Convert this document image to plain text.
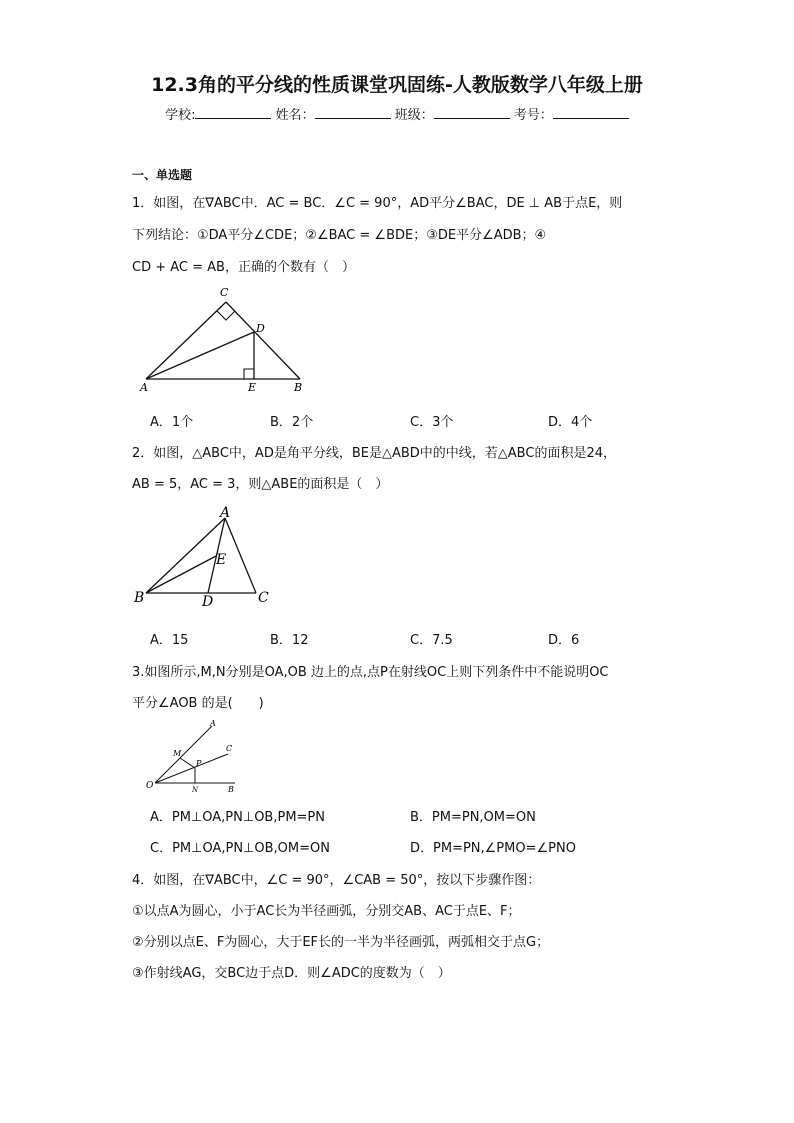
12.3角的平分线的性质课堂巩固练-人教版数学八年级上册
学校:	姓名：	班级：	考号：
一、单选题
1．如图，在∇ABC中．AC = BC．∠C = 90°，AD平分∠BAC，DE ⊥ AB于点E，则
下列结论：①DA平分∠CDE；②∠BAC = ∠BDE；③DE平分∠ADB；④
CD + AC = AB，正确的个数有（　）
C
D
A	E	B
A．1个	B．2个	C．3个	D．4个
2．如图，△ABC中，AD是角平分线，BE是△ABD中的中线，若△ABC的面积是24，
AB = 5，AC = 3，则△ABE的面积是（　）
A
E
B	D	C
A．15	B．12	C．7.5	D．6
3.如图所示,M,N分别是OA,OB 边上的点,点P在射线OC上则下列条件中不能说明OC
平分∠AOB 的是(　　)
A
C
M
P
O	N	B
A．PM⊥OA,PN⊥OB,PM=PN	B．PM=PN,OM=ON
C．PM⊥OA,PN⊥OB,OM=ON	D．PM=PN,∠PMO=∠PNO
4．如图，在∇ABC中，∠C = 90°，∠CAB = 50°，按以下步骤作图：
①以点A为圆心，小于AC长为半径画弧，分别交AB、AC于点E、F；
②分别以点E、F为圆心，大于EF长的一半为半径画弧，两弧相交于点G；
③作射线AG，交BC边于点D．则∠ADC的度数为（　）
